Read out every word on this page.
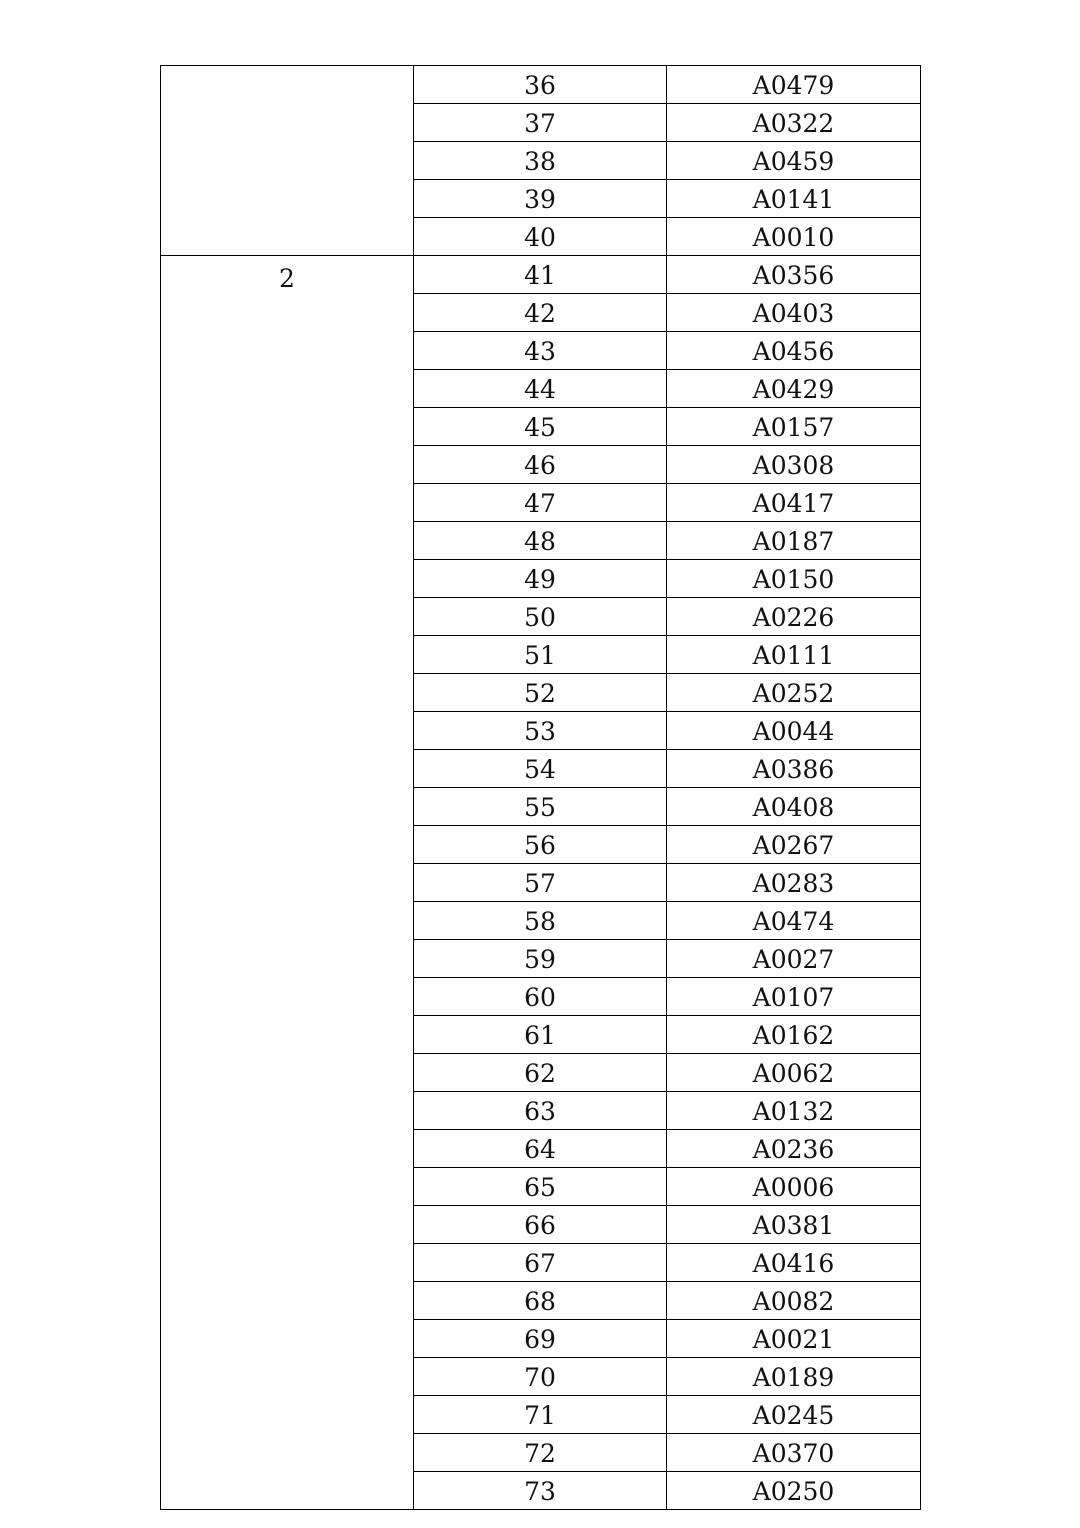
	36	A0479
	37	A0322
	38	A0459
	39	A0141
	40	A0010
2	41	A0356
	42	A0403
	43	A0456
	44	A0429
	45	A0157
	46	A0308
	47	A0417
	48	A0187
	49	A0150
	50	A0226
	51	A0111
	52	A0252
	53	A0044
	54	A0386
	55	A0408
	56	A0267
	57	A0283
	58	A0474
	59	A0027
	60	A0107
	61	A0162
	62	A0062
	63	A0132
	64	A0236
	65	A0006
	66	A0381
	67	A0416
	68	A0082
	69	A0021
	70	A0189
	71	A0245
	72	A0370
	73	A0250
